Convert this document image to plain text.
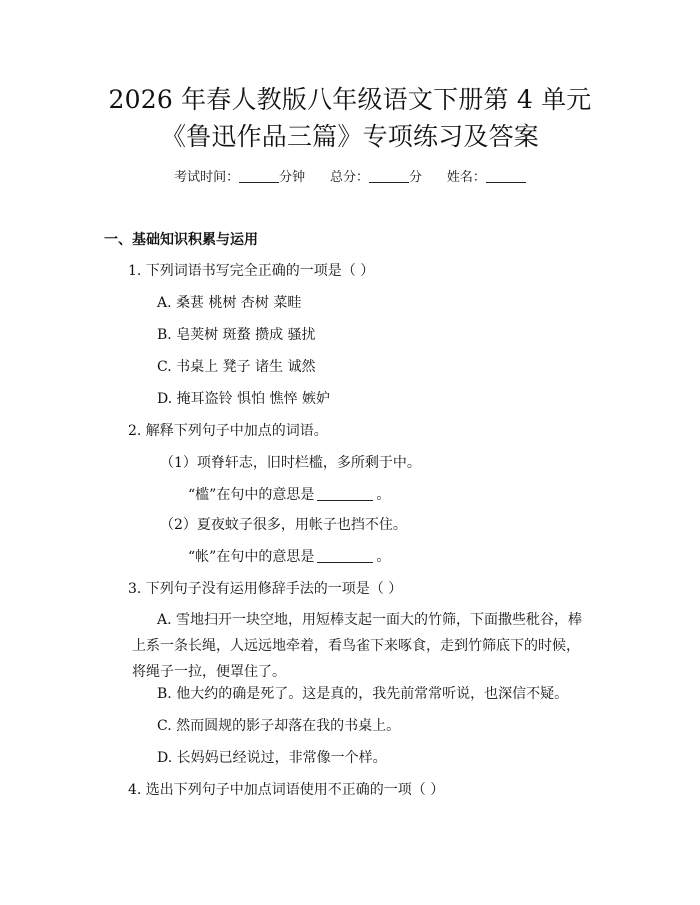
2026 年春人教版八年级语文下册第 4 单元
《鲁迅作品三篇》专项练习及答案
考试时间：	分钟 总分：	分 姓名：
一、基础知识积累与运用
1. 下列词语书写完全正确的一项是（ ）
A. 桑葚 桃树 杏树 菜畦
B. 皂荚树 斑蝥 攒成 骚扰
C. 书桌上 凳子 诸生 诚然
D. 掩耳盗铃 惧怕 憔悴 嫉妒
2. 解释下列句子中加点的词语。
（1）项脊轩志，旧时栏槛，多所剩于中。
“槛”在句中的意思是	。
（2）夏夜蚊子很多，用帐子也挡不住。
“帐”在句中的意思是	。
3. 下列句子没有运用修辞手法的一项是（ ）
A. 雪地扫开一块空地，用短棒支起一面大的竹筛，下面撒些秕谷，棒上系一条长绳，人远远地牵着，看鸟雀下来啄食，走到竹筛底下的时候，将绳子一拉，便罩住了。
B. 他大约的确是死了。这是真的，我先前常常听说，也深信不疑。
C. 然而圆规的影子却落在我的书桌上。
D. 长妈妈已经说过，非常像一个样。
4. 选出下列句子中加点词语使用不正确的一项（ ）
